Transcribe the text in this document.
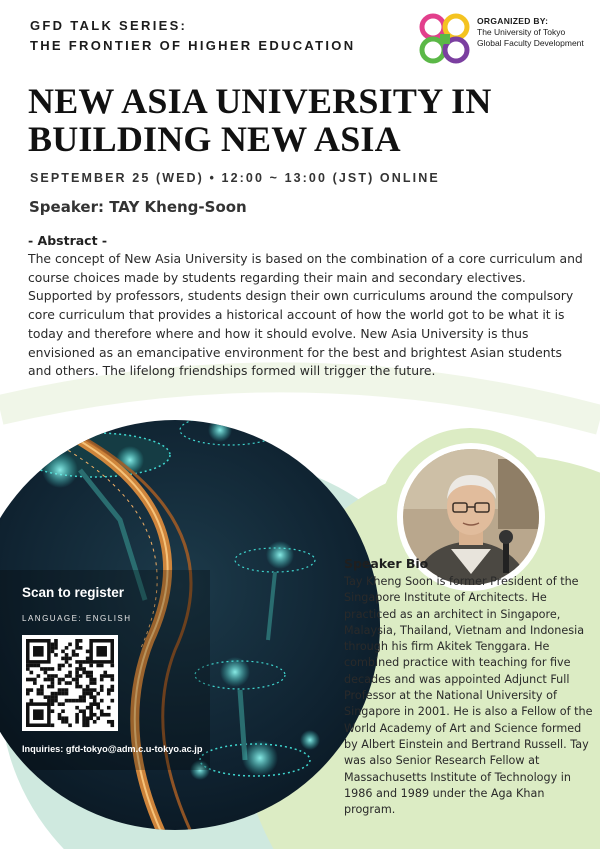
GFD TALK SERIES:
THE FRONTIER OF HIGHER EDUCATION
ORGANIZED BY:
The University of Tokyo
Global Faculty Development
NEW ASIA UNIVERSITY IN
BUILDING NEW ASIA
SEPTEMBER 25 (WED) • 12:00 ~ 13:00 (JST) ONLINE
Speaker: TAY Kheng-Soon
- Abstract -

The concept of New Asia University is based on the combination of a core curriculum and course choices made by students regarding their main and secondary electives. Supported by professors, students design their own curriculums around the compulsory core curriculum that provides a historical account of how the world got to be what it is today and therefore where and how it should evolve. New Asia University is thus envisioned as an emancipative environment for the best and brightest Asian students and others. The lifelong friendships formed will trigger the future.

Speaker Bio

Tay Kheng Soon is former President of the Singapore Institute of Architects. He practiced as an architect in Singapore, Malaysia, Thailand, Vietnam and Indonesia through his firm Akitek Tenggara. He combined practice with teaching for five decades and was appointed Adjunct Full Professor at the National University of Singapore in 2001. He is also a Fellow of the World Academy of Art and Science formed by Albert Einstein and Bertrand Russell. Tay was also Senior Research Fellow at Massachusetts Institute of Technology in 1986 and 1989 under the Aga Khan program.

Scan to register
LANGUAGE: ENGLISH
Inquiries: gfd-tokyo@adm.c.u-tokyo.ac.jp
